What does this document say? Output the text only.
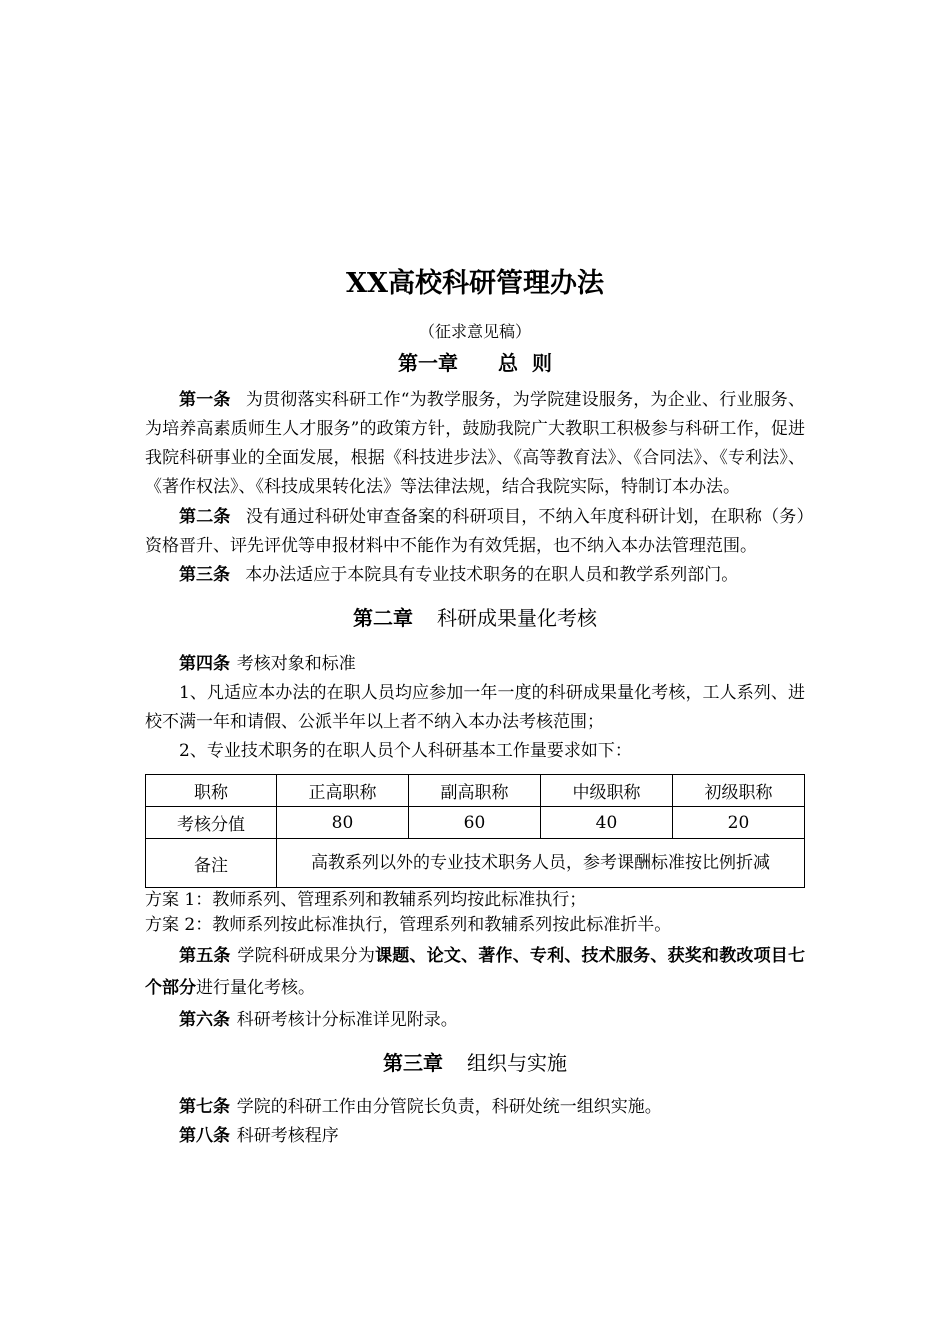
XX高校科研管理办法
（征求意见稿）
第一章 总  则

第一条 为贯彻落实科研工作“为教学服务，为学院建设服务，为企业、行业服务、为培养高素质师生人才服务”的政策方针，鼓励我院广大教职工积极参与科研工作，促进我院科研事业的全面发展，根据《科技进步法》、《高等教育法》、《合同法》、《专利法》、《著作权法》、《科技成果转化法》等法律法规，结合我院实际，特制订本办法。

第二条 没有通过科研处审查备案的科研项目，不纳入年度科研计划，在职称（务）资格晋升、评先评优等申报材料中不能作为有效凭据，也不纳入本办法管理范围。

第三条 本办法适应于本院具有专业技术职务的在职人员和教学系列部门。

第二章 科研成果量化考核

第四条 考核对象和标准

1、凡适应本办法的在职人员均应参加一年一度的科研成果量化考核，工人系列、进校不满一年和请假、公派半年以上者不纳入本办法考核范围；

2、专业技术职务的在职人员个人科研基本工作量要求如下：

职称	正高职称	副高职称	中级职称	初级职称
考核分值	80	60	40	20
备注	高教系列以外的专业技术职务人员，参考课酬标准按比例折减			

方案 1：教师系列、管理系列和教辅系列均按此标准执行；

方案 2：教师系列按此标准执行，管理系列和教辅系列按此标准折半。

第五条 学院科研成果分为课题、论文、著作、专利、技术服务、获奖和教改项目七个部分进行量化考核。

第六条 科研考核计分标准详见附录。

第三章 组织与实施

第七条 学院的科研工作由分管院长负责，科研处统一组织实施。

第八条 科研考核程序
